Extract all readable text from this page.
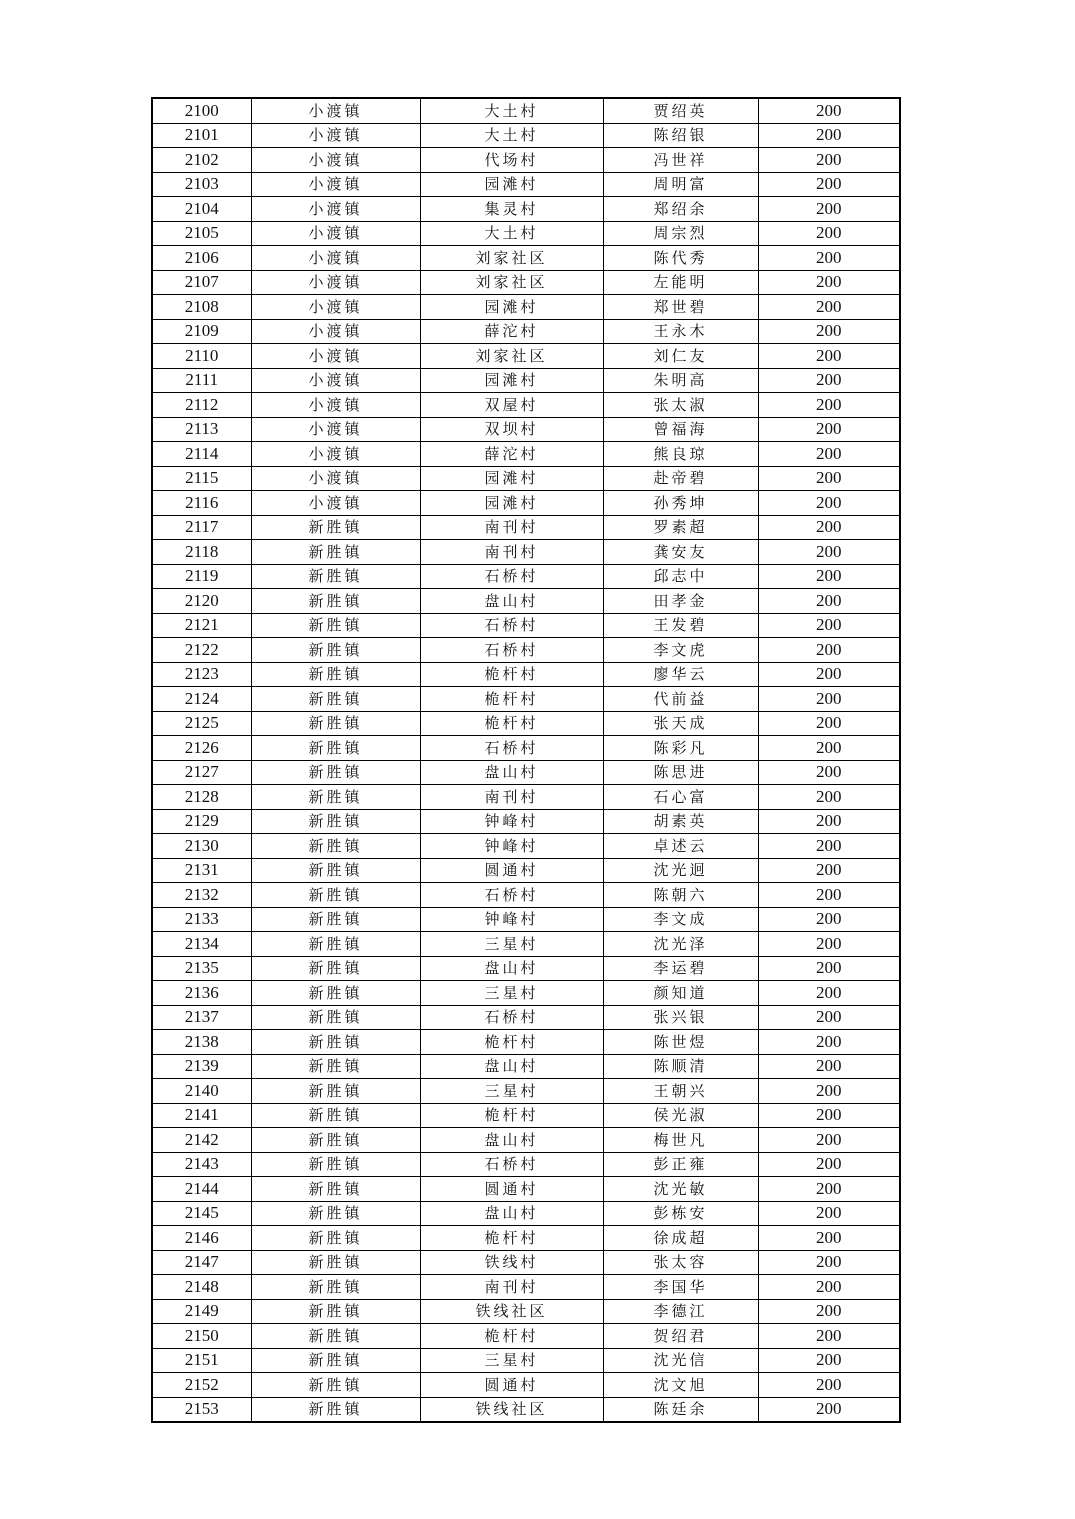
2100	小渡镇	大土村	贾绍英	200
2101	小渡镇	大土村	陈绍银	200
2102	小渡镇	代场村	冯世祥	200
2103	小渡镇	园滩村	周明富	200
2104	小渡镇	集灵村	郑绍余	200
2105	小渡镇	大土村	周宗烈	200
2106	小渡镇	刘家社区	陈代秀	200
2107	小渡镇	刘家社区	左能明	200
2108	小渡镇	园滩村	郑世碧	200
2109	小渡镇	薛沱村	王永木	200
2110	小渡镇	刘家社区	刘仁友	200
2111	小渡镇	园滩村	朱明高	200
2112	小渡镇	双屋村	张太淑	200
2113	小渡镇	双坝村	曾福海	200
2114	小渡镇	薛沱村	熊良琼	200
2115	小渡镇	园滩村	赴帝碧	200
2116	小渡镇	园滩村	孙秀坤	200
2117	新胜镇	南刊村	罗素超	200
2118	新胜镇	南刊村	龚安友	200
2119	新胜镇	石桥村	邱志中	200
2120	新胜镇	盘山村	田孝金	200
2121	新胜镇	石桥村	王发碧	200
2122	新胜镇	石桥村	李文虎	200
2123	新胜镇	桅杆村	廖华云	200
2124	新胜镇	桅杆村	代前益	200
2125	新胜镇	桅杆村	张天成	200
2126	新胜镇	石桥村	陈彩凡	200
2127	新胜镇	盘山村	陈思进	200
2128	新胜镇	南刊村	石心富	200
2129	新胜镇	钟峰村	胡素英	200
2130	新胜镇	钟峰村	卓述云	200
2131	新胜镇	圆通村	沈光迥	200
2132	新胜镇	石桥村	陈朝六	200
2133	新胜镇	钟峰村	李文成	200
2134	新胜镇	三星村	沈光泽	200
2135	新胜镇	盘山村	李运碧	200
2136	新胜镇	三星村	颜知道	200
2137	新胜镇	石桥村	张兴银	200
2138	新胜镇	桅杆村	陈世煜	200
2139	新胜镇	盘山村	陈顺清	200
2140	新胜镇	三星村	王朝兴	200
2141	新胜镇	桅杆村	侯光淑	200
2142	新胜镇	盘山村	梅世凡	200
2143	新胜镇	石桥村	彭正雍	200
2144	新胜镇	圆通村	沈光敏	200
2145	新胜镇	盘山村	彭栋安	200
2146	新胜镇	桅杆村	徐成超	200
2147	新胜镇	铁线村	张太容	200
2148	新胜镇	南刊村	李国华	200
2149	新胜镇	铁线社区	李德江	200
2150	新胜镇	桅杆村	贺绍君	200
2151	新胜镇	三星村	沈光信	200
2152	新胜镇	圆通村	沈文旭	200
2153	新胜镇	铁线社区	陈廷余	200
